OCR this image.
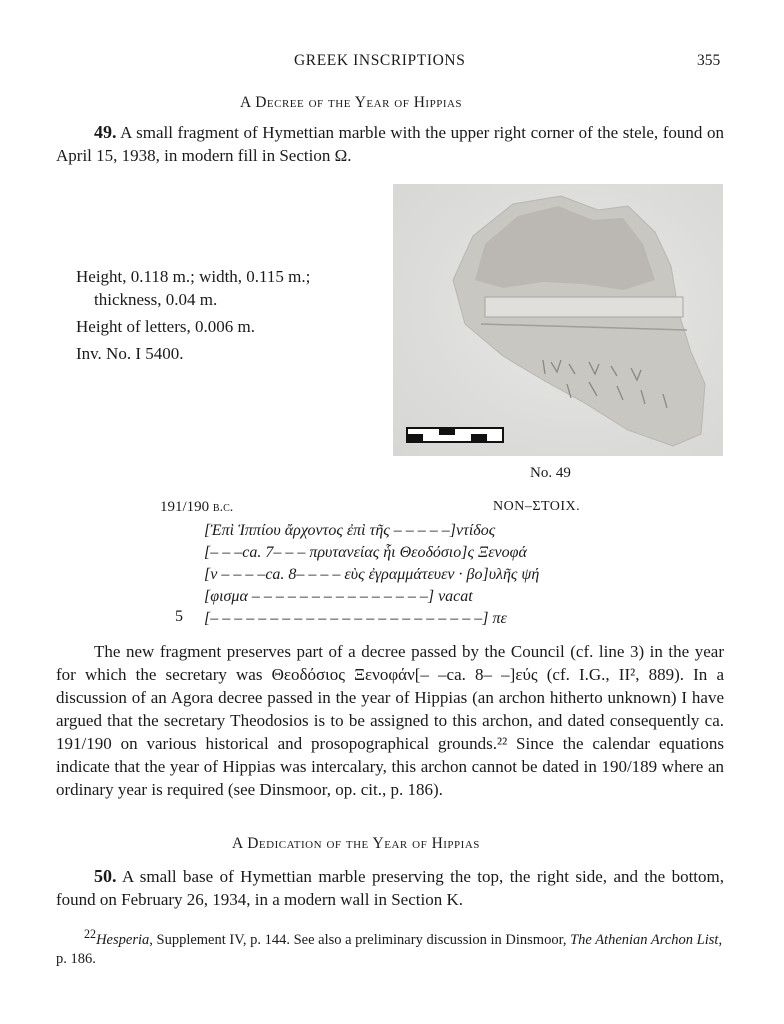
GREEK INSCRIPTIONS	355
A Decree of the Year of Hippias
49. A small fragment of Hymettian marble with the upper right corner of the stele, found on April 15, 1938, in modern fill in Section Ω.
Height, 0.118 m.; width, 0.115 m.;
thickness, 0.04 m.
Height of letters, 0.006 m.
Inv. No. I 5400.
No. 49
191/190 b.c.	NON–ΣΤΟΙΧ.
[Ἐπὶ Ἱππίου ἄρχοντος ἐπὶ τῆς – – – – –]ντίδος
[– – –ca. 7– – – πρυτανείας ἧι Θεοδόσιο]ς Ξενοφά
[ν – – – –ca. 8– – – – εὺς ἐγραμμάτευεν · βο]υλῆς ψή
[φισμα – – – – – – – – – – – – – – –] vacat
5 [– – – – – – – – – – – – – – – – – – – – – – –] πε
The new fragment preserves part of a decree passed by the Council (cf. line 3) in the year for which the secretary was Θεοδόσιος Ξενοφάν[– –ca. 8– –]εύς (cf. I.G., II², 889). In a discussion of an Agora decree passed in the year of Hippias (an archon hitherto unknown) I have argued that the secretary Theodosios is to be assigned to this archon, and dated consequently ca. 191/190 on various historical and prosopographical grounds.²² Since the calendar equations indicate that the year of Hippias was intercalary, this archon cannot be dated in 190/189 where an ordinary year is required (see Dinsmoor, op. cit., p. 186).
A Dedication of the Year of Hippias
50. A small base of Hymettian marble preserving the top, the right side, and the bottom, found on February 26, 1934, in a modern wall in Section K.
$^{22}$Hesperia, Supplement IV, p. 144. See also a preliminary discussion in Dinsmoor, The Athenian Archon List, p. 186.
